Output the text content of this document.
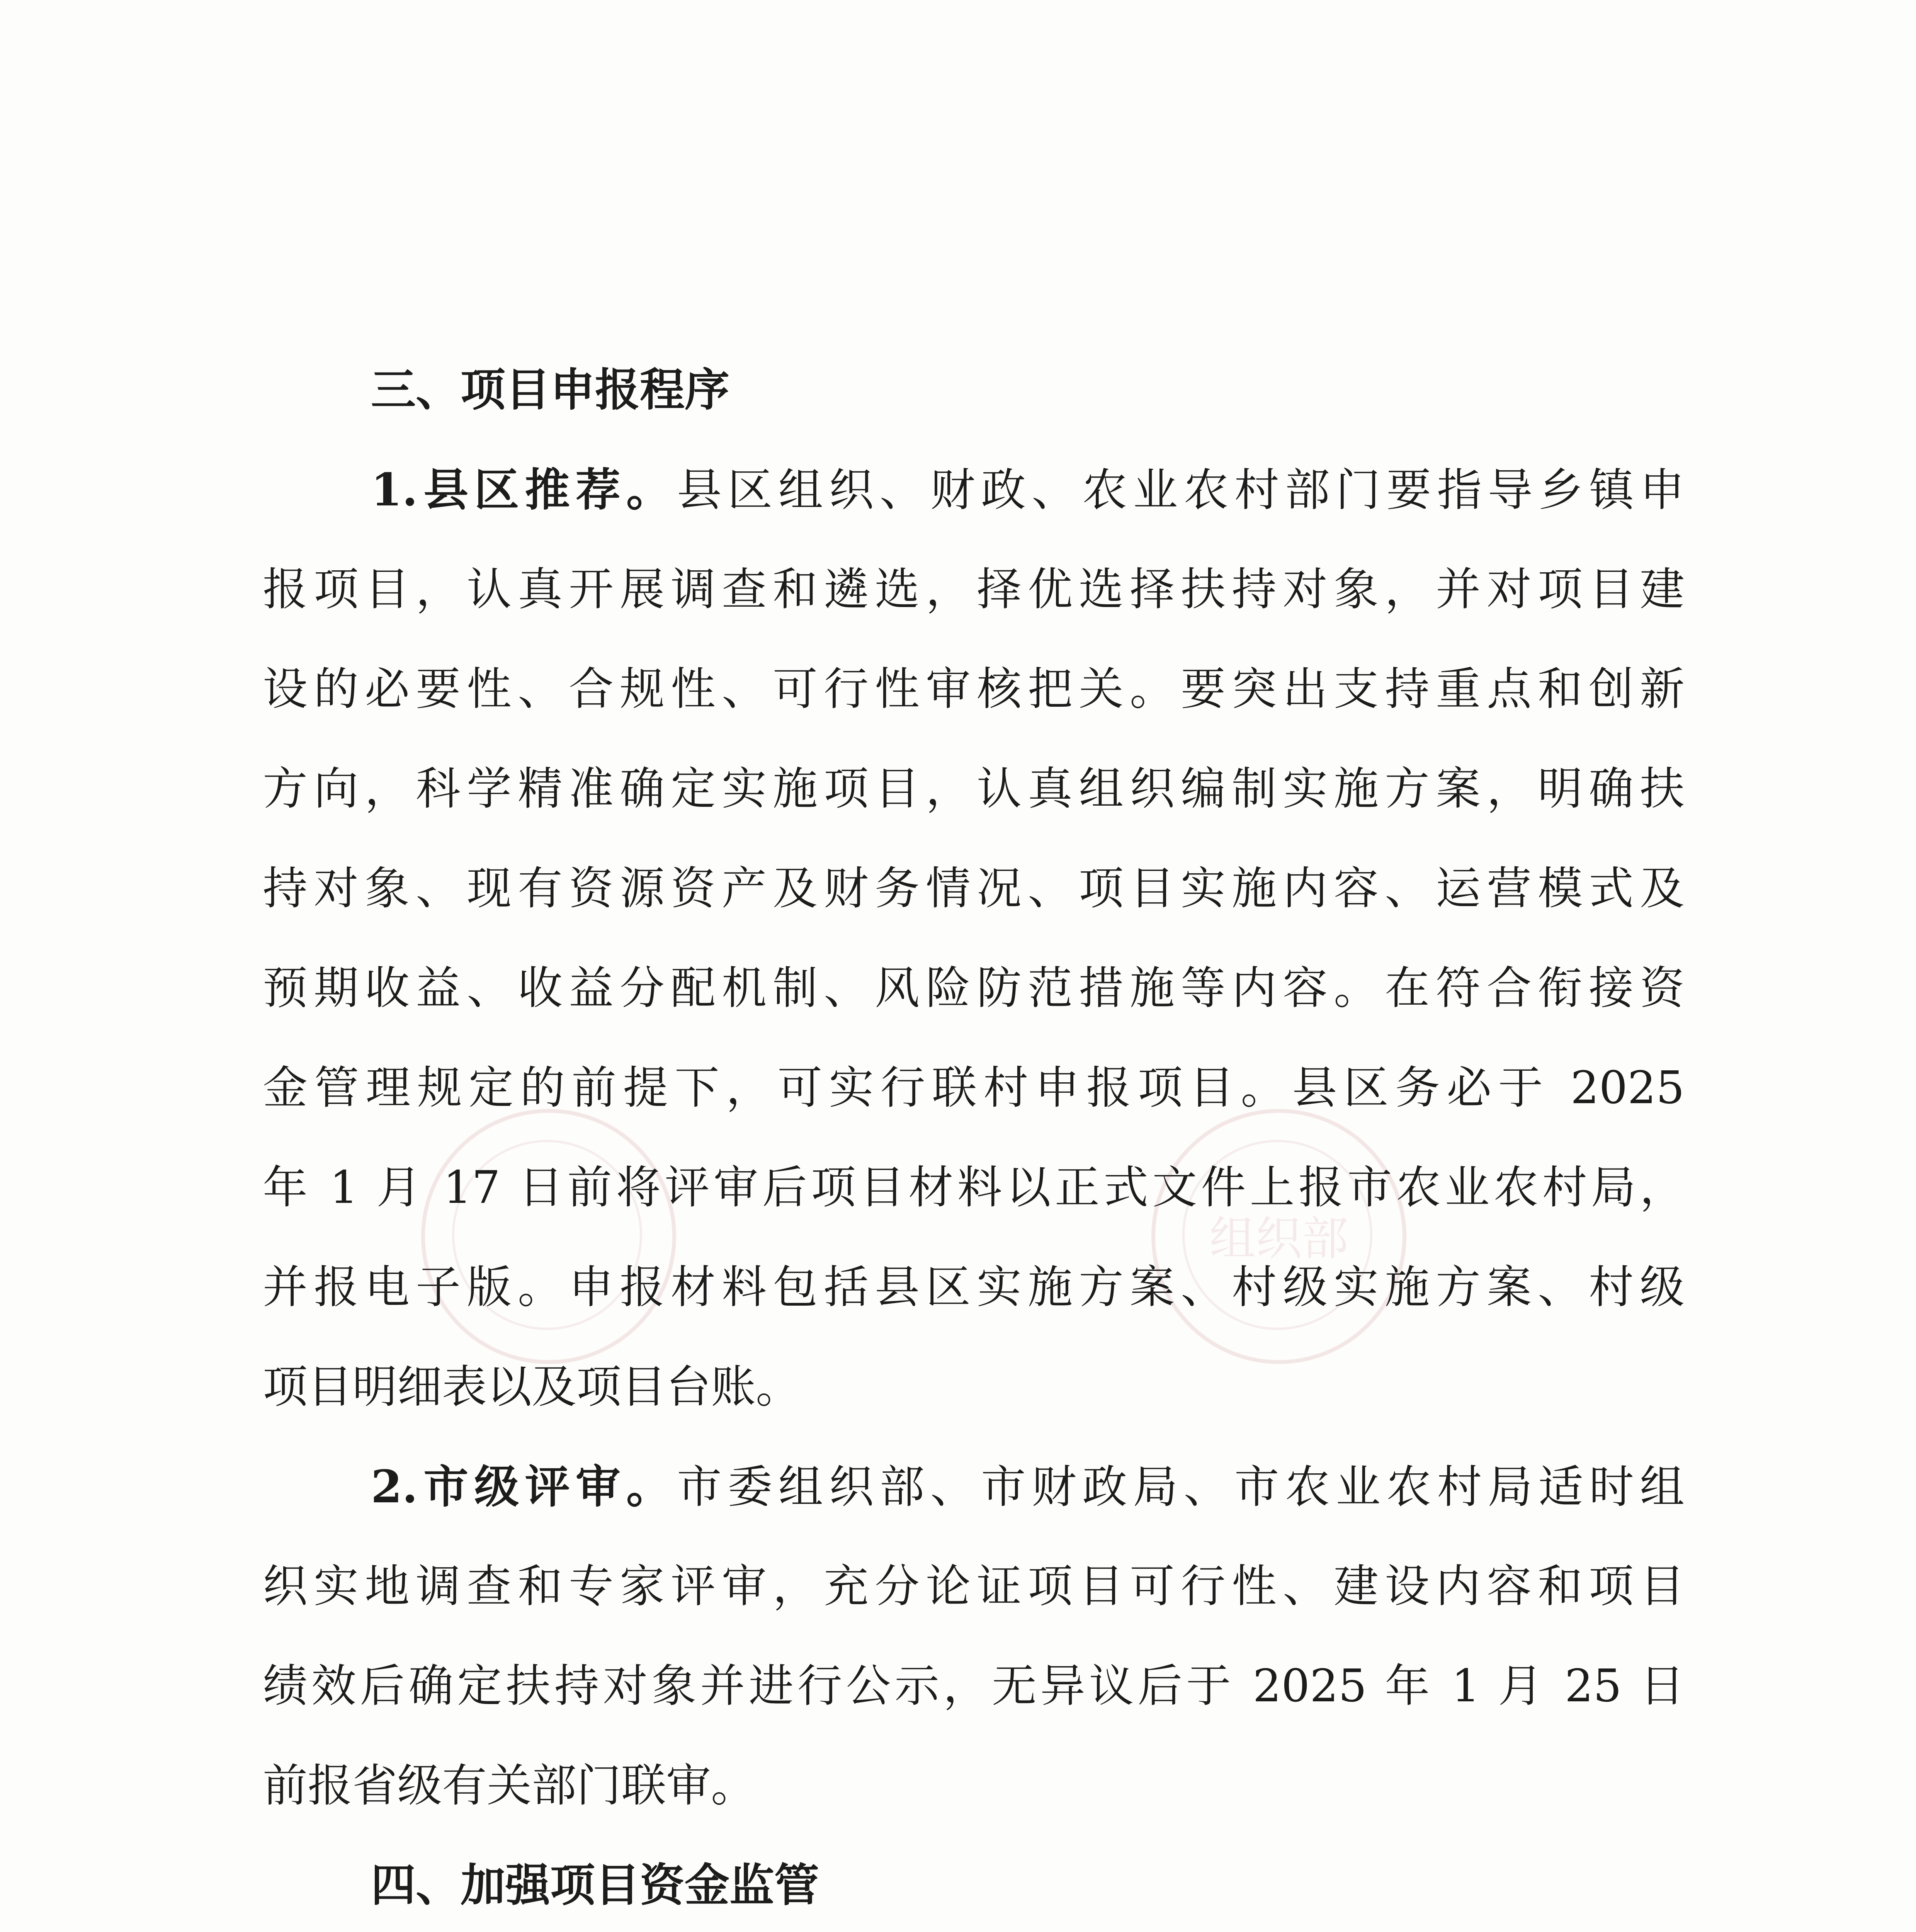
组织部
三、项目申报程序
1.县区推荐。县区组织、财政、农业农村部门要指导乡镇申
报项目，认真开展调查和遴选，择优选择扶持对象，并对项目建
设的必要性、合规性、可行性审核把关。要突出支持重点和创新
方向，科学精准确定实施项目，认真组织编制实施方案，明确扶
持对象、现有资源资产及财务情况、项目实施内容、运营模式及
预期收益、收益分配机制、风险防范措施等内容。在符合衔接资
金管理规定的前提下，可实行联村申报项目。县区务必于 2025
年 1 月 17 日前将评审后项目材料以正式文件上报市农业农村局，
并报电子版。申报材料包括县区实施方案、村级实施方案、村级
项目明细表以及项目台账。
2.市级评审。市委组织部、市财政局、市农业农村局适时组
织实地调查和专家评审，充分论证项目可行性、建设内容和项目
绩效后确定扶持对象并进行公示，无异议后于 2025 年 1 月 25 日
前报省级有关部门联审。
四、加强项目资金监管
